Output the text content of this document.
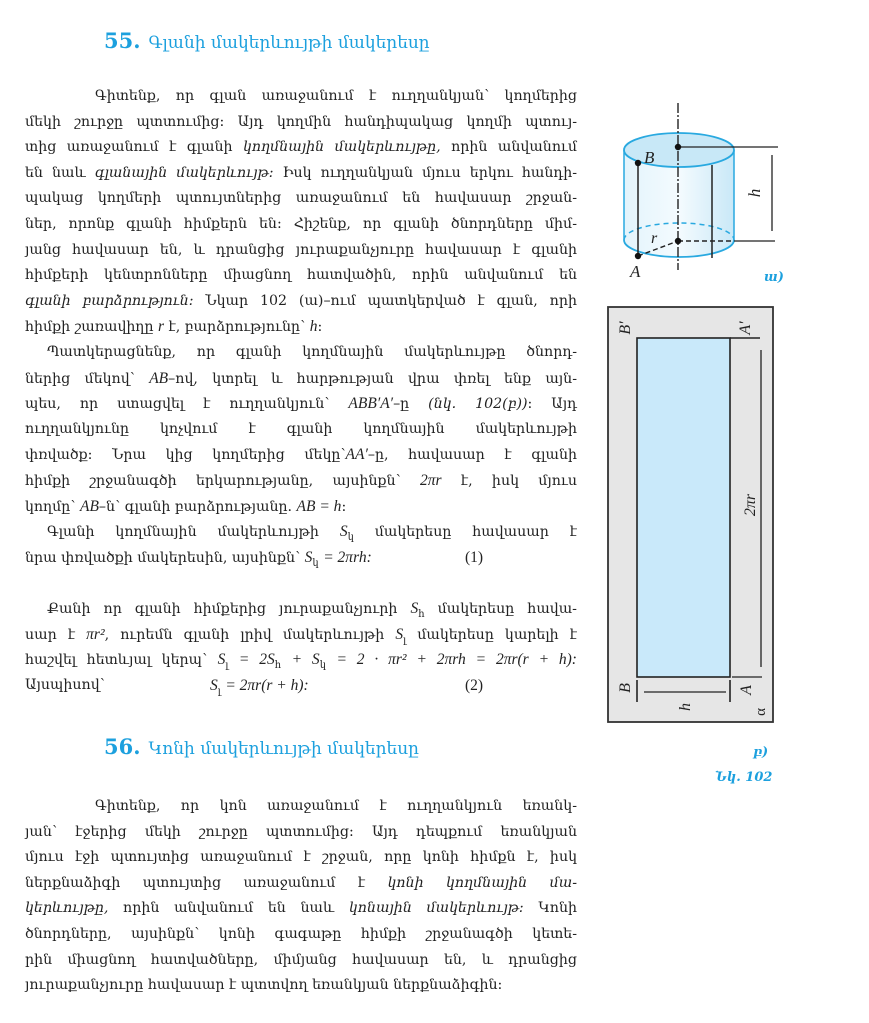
55. Գլանի մակերևույթի մակերեսը
Գիտենք, որ գլան առաջանում է ուղղանկյան՝ կողմերից
մեկի շուրջը պտտումից: Այդ կողմին հանդիպակաց կողմի պտույ-
տից առաջանում է գլանի կողմնային մակերևույթը, որին անվանում
են նաև գլանային մակերևույթ: Իսկ ուղղանկյան մյուս երկու հանդի-
պակաց կողմերի պտույտներից առաջանում են հավասար շրջան-
ներ, որոնք գլանի հիմքերն են: Հիշենք, որ գլանի ծնորդները միմ-
յանց հավասար են, և դրանցից յուրաքանչյուրը հավասար է գլանի
հիմքերի կենտրոնները միացնող հատվածին, որին անվանում են
գլանի բարձրություն: Նկար 102 (ա)–ում պատկերված է գլան, որի
հիմքի շառավիղը r է, բարձրությունը՝ h:
Պատկերացնենք, որ գլանի կողմնային մակերևույթը ծնորդ-
ներից մեկով՝ AB–ով, կտրել և հարթության վրա փռել ենք այն-
պես, որ ստացվել է ուղղանկյուն՝ ABB′A′–ը (նկ. 102(բ)): Այդ
ուղղանկյունը կոչվում է գլանի կողմնային մակերևույթի
փռվածք: Նրա կից կողմերից մեկը՝AA′–ը, հավասար է գլանի
հիմքի շրջանագծի երկարությանը, այսինքն՝ 2πr է, իսկ մյուս
կողմը՝ AB–ն՝ գլանի բարձրությանը. AB = h:
Գլանի կողմնային մակերևույթի $S_կ$ մակերեսը հավասար է
նրա փռվածքի մակերեսին, այսինքն՝ $S_կ = 2\pi rh$:	(1)
Քանի որ գլանի հիմքերից յուրաքանչյուրի $S_հ$ մակերեսը հավա-
սար է πr², ուրեմն գլանի լրիվ մակերևույթի $S_լ$ մակերեսը կարելի է
հաշվել հետևյալ կերպ՝ $S_լ = 2S_հ + S_կ = 2 \cdot \pi r^2 + 2\pi rh = 2\pi r(r + h)$:
Այսպիսով՝	$S_լ = 2\pi r(r + h)$:	(2)
56. Կոնի մակերևույթի մակերեսը
Գիտենք, որ կոն առաջանում է ուղղանկյուն եռանկ-
յան՝ էջերից մեկի շուրջը պտտումից: Այդ դեպքում եռանկյան
մյուս էջի պտույտից առաջանում է շրջան, որը կոնի հիմքն է, իսկ
ներքնաձիգի պտույտից առաջանում է կոնի կողմնային մա-
կերևույթը, որին անվանում են նաև կոնային մակերևույթ: Կոնի
ծնորդները, այսինքն՝ կոնի գագաթը հիմքի շրջանագծի կետե-
րին միացնող հատվածները, միմյանց հավասար են, և դրանցից
յուրաքանչյուրը հավասար է պտտվող եռանկյան ներքնաձիգին:
B
A
r
h
ա)
B′	A′
B	A
2πr
h
α
բ)
Նկ. 102
